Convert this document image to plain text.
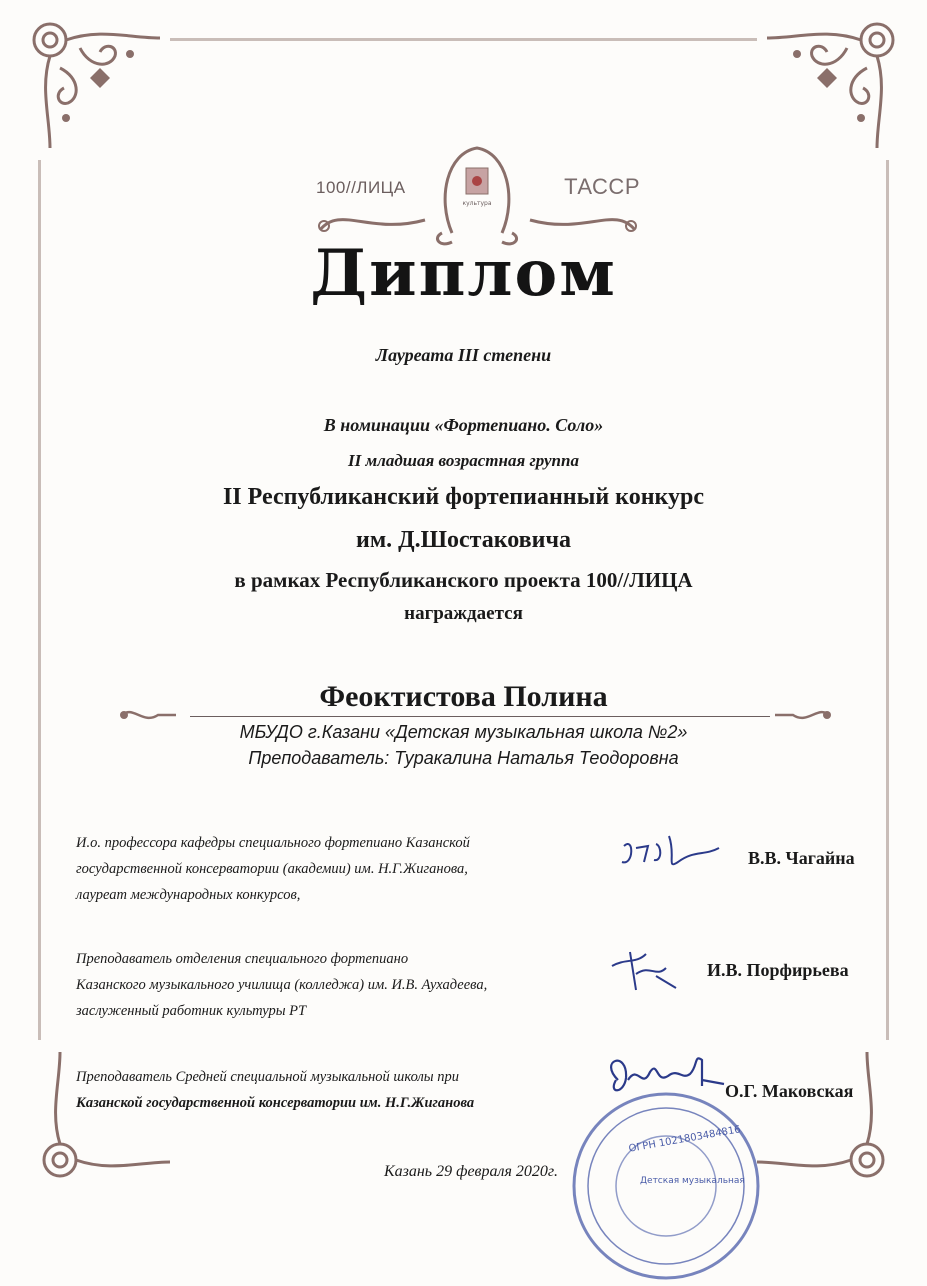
100//ЛИЦА
культура
ТАССР
Диплом
Лауреата III степени
В номинации «Фортепиано. Соло»
II младшая возрастная группа
II Республиканский фортепианный конкурс
им. Д.Шостаковича
в рамках Республиканского проекта 100//ЛИЦА
награждается
Феоктистова Полина
МБУДО г.Казани «Детская музыкальная школа №2»
Преподаватель: Туракалина Наталья Теодоровна
И.о. профессора кафедры специального фортепиано Казанской
государственной консерватории (академии) им. Н.Г.Жиганова,
лауреат международных конкурсов,
В.В. Чагайна
Преподаватель отделения специального фортепиано
Казанского музыкального училища (колледжа) им. И.В. Аухадеева,
заслуженный работник культуры РТ
И.В. Порфирьева
Преподаватель Средней специальной музыкальной школы при
Казанской государственной консерватории им. Н.Г.Жиганова
ОГРН 1021803484816
Детская музыкальная
О.Г. Маковская
Казань 29 февраля 2020г.
